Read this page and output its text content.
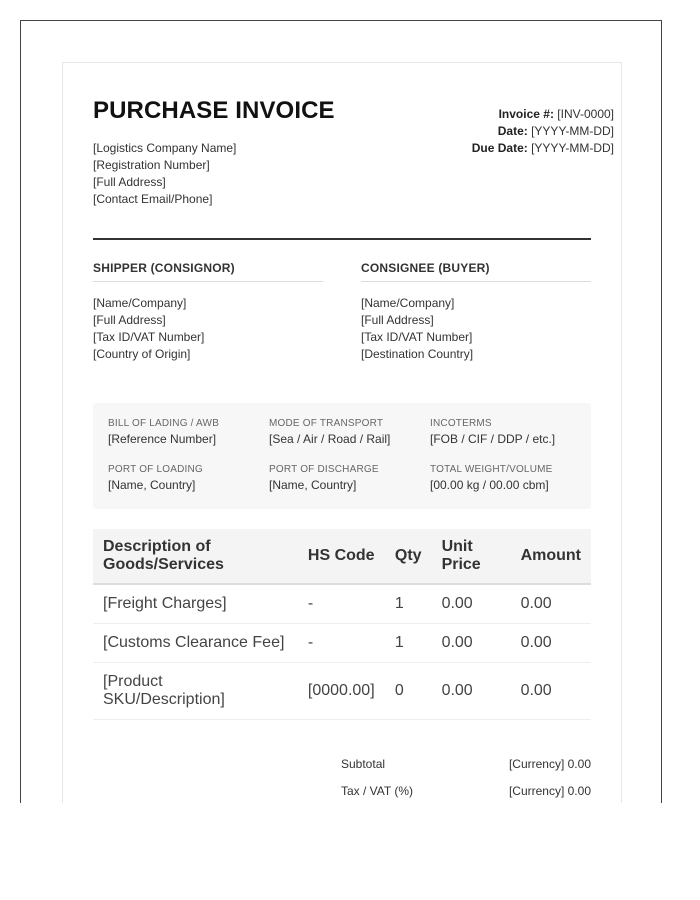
PURCHASE INVOICE
[Logistics Company Name]
[Registration Number]
[Full Address]
[Contact Email/Phone]
Invoice #: [INV-0000]
Date: [YYYY-MM-DD]
Due Date: [YYYY-MM-DD]
SHIPPER (CONSIGNOR)
[Name/Company]
[Full Address]
[Tax ID/VAT Number]
[Country of Origin]
CONSIGNEE (BUYER)
[Name/Company]
[Full Address]
[Tax ID/VAT Number]
[Destination Country]
BILL OF LADING / AWB
[Reference Number]
MODE OF TRANSPORT
[Sea / Air / Road / Rail]
INCOTERMS
[FOB / CIF / DDP / etc.]
PORT OF LOADING
[Name, Country]
PORT OF DISCHARGE
[Name, Country]
TOTAL WEIGHT/VOLUME
[00.00 kg / 00.00 cbm]
Description of Goods/Services	HS Code	Qty	Unit Price	Amount
[Freight Charges]	-	1	0.00	0.00
[Customs Clearance Fee]	-	1	0.00	0.00
[Product SKU/Description]	[0000.00]	0	0.00	0.00
Subtotal	[Currency] 0.00
Tax / VAT (%)	[Currency] 0.00
